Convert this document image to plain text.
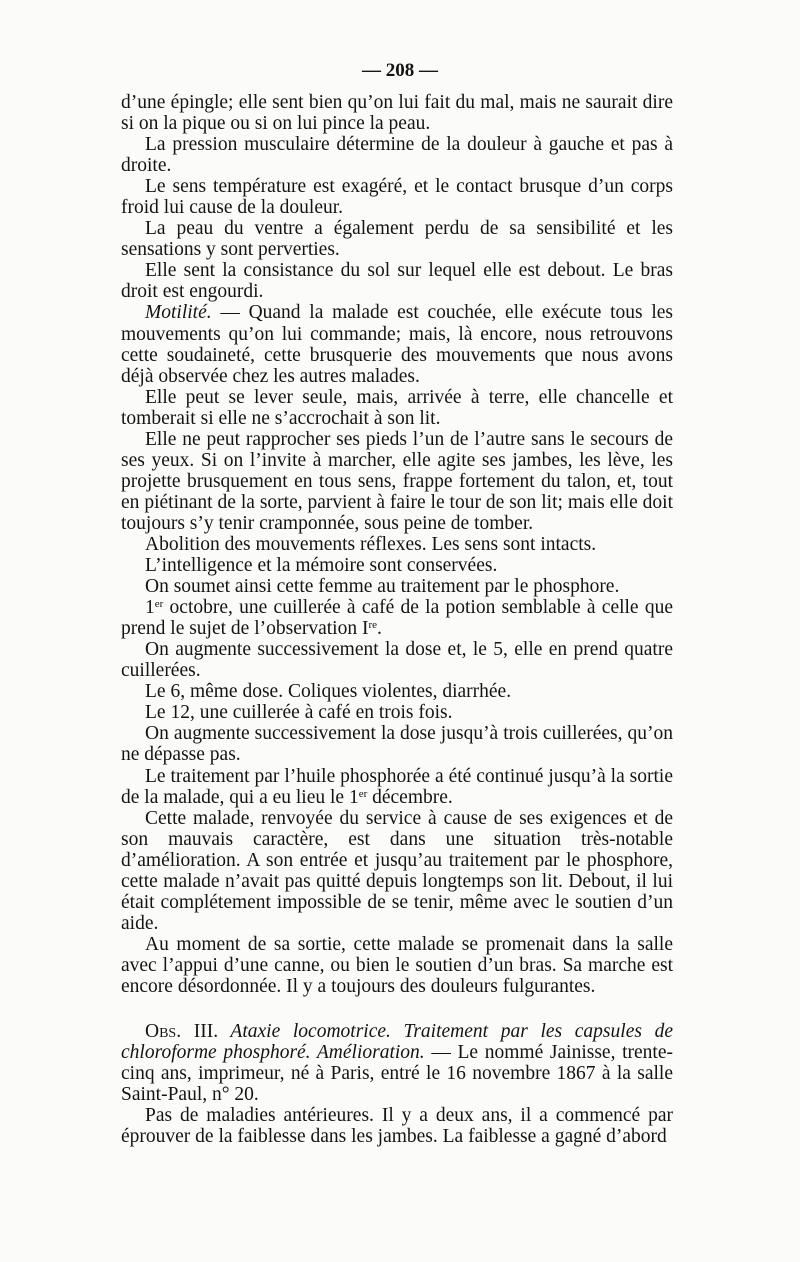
— 208 —

d’une épingle; elle sent bien qu’on lui fait du mal, mais ne saurait dire si on la pique ou si on lui pince la peau.

La pression musculaire détermine de la douleur à gauche et pas à droite.

Le sens température est exagéré, et le contact brusque d’un corps froid lui cause de la douleur.

La peau du ventre a également perdu de sa sensibilité et les sensations y sont perverties.

Elle sent la consistance du sol sur lequel elle est debout. Le bras droit est engourdi.

Motilité. — Quand la malade est couchée, elle exécute tous les mouvements qu’on lui commande; mais, là encore, nous retrouvons cette soudaineté, cette brusquerie des mouvements que nous avons déjà observée chez les autres malades.

Elle peut se lever seule, mais, arrivée à terre, elle chancelle et tomberait si elle ne s’accrochait à son lit.

Elle ne peut rapprocher ses pieds l’un de l’autre sans le secours de ses yeux. Si on l’invite à marcher, elle agite ses jambes, les lève, les projette brusquement en tous sens, frappe fortement du talon, et, tout en piétinant de la sorte, parvient à faire le tour de son lit; mais elle doit toujours s’y tenir cramponnée, sous peine de tomber.

Abolition des mouvements réflexes. Les sens sont intacts.

L’intelligence et la mémoire sont conservées.

On soumet ainsi cette femme au traitement par le phosphore.

1er octobre, une cuillerée à café de la potion semblable à celle que prend le sujet de l’observation Ire.

On augmente successivement la dose et, le 5, elle en prend quatre cuillerées.

Le 6, même dose. Coliques violentes, diarrhée.

Le 12, une cuillerée à café en trois fois.

On augmente successivement la dose jusqu’à trois cuillerées, qu’on ne dépasse pas.

Le traitement par l’huile phosphorée a été continué jusqu’à la sortie de la malade, qui a eu lieu le 1er décembre.

Cette malade, renvoyée du service à cause de ses exigences et de son mauvais caractère, est dans une situation très-notable d’amélioration. A son entrée et jusqu’au traitement par le phosphore, cette malade n’avait pas quitté depuis longtemps son lit. Debout, il lui était complétement impossible de se tenir, même avec le soutien d’un aide.

Au moment de sa sortie, cette malade se promenait dans la salle avec l’appui d’une canne, ou bien le soutien d’un bras. Sa marche est encore désordonnée. Il y a toujours des douleurs fulgurantes.

Obs. III. Ataxie locomotrice. Traitement par les capsules de chloroforme phosphoré. Amélioration. — Le nommé Jainisse, trente-cinq ans, imprimeur, né à Paris, entré le 16 novembre 1867 à la salle Saint-Paul, n° 20.

Pas de maladies antérieures. Il y a deux ans, il a commencé par éprouver de la faiblesse dans les jambes. La faiblesse a gagné d’abord
